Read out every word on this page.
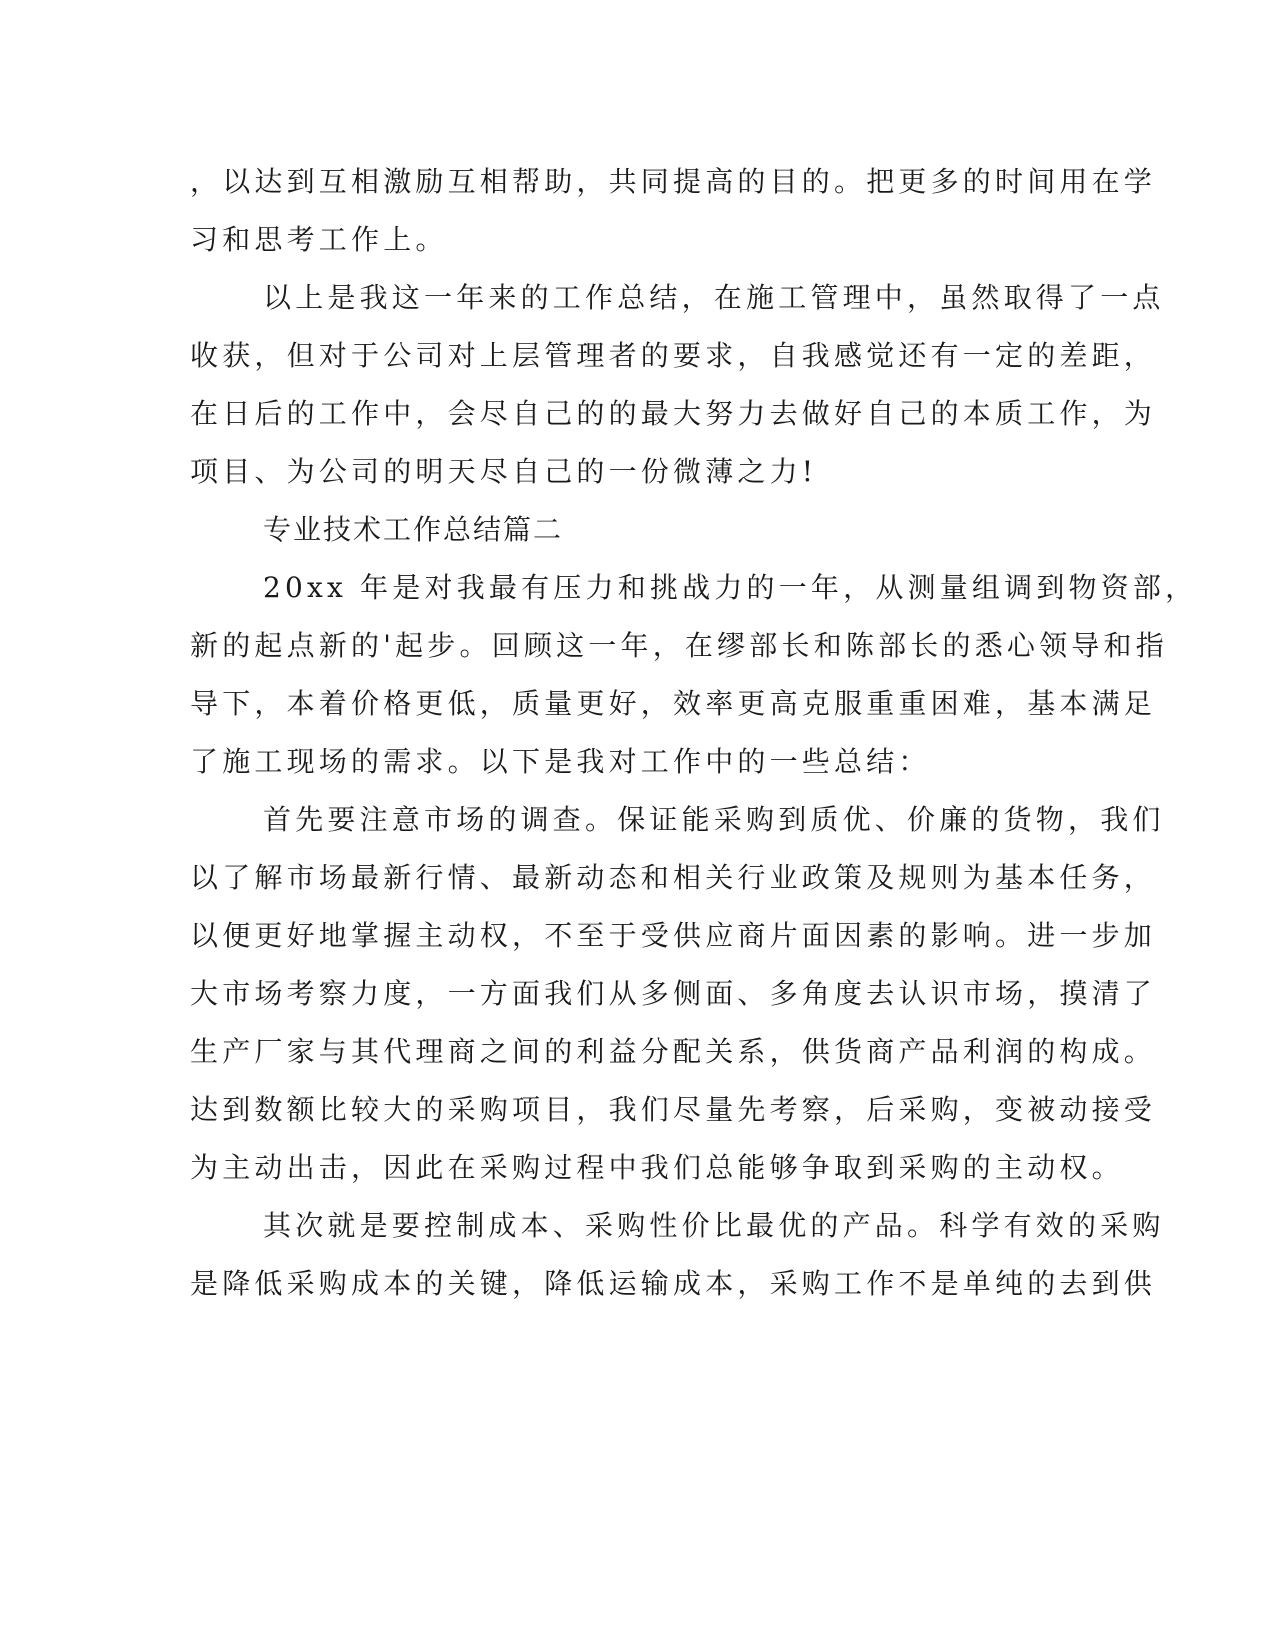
，以达到互相激励互相帮助，共同提高的目的。把更多的时间用在学
习和思考工作上。
以上是我这一年来的工作总结，在施工管理中，虽然取得了一点
收获，但对于公司对上层管理者的要求，自我感觉还有一定的差距，
在日后的工作中，会尽自己的的最大努力去做好自己的本质工作，为
项目、为公司的明天尽自己的一份微薄之力!
专业技术工作总结篇二
20xx 年是对我最有压力和挑战力的一年，从测量组调到物资部，
新的起点新的'起步。回顾这一年，在缪部长和陈部长的悉心领导和指
导下，本着价格更低，质量更好，效率更高克服重重困难，基本满足
了施工现场的需求。以下是我对工作中的一些总结：
首先要注意市场的调查。保证能采购到质优、价廉的货物，我们
以了解市场最新行情、最新动态和相关行业政策及规则为基本任务，
以便更好地掌握主动权，不至于受供应商片面因素的影响。进一步加
大市场考察力度，一方面我们从多侧面、多角度去认识市场，摸清了
生产厂家与其代理商之间的利益分配关系，供货商产品利润的构成。
达到数额比较大的采购项目，我们尽量先考察，后采购，变被动接受
为主动出击，因此在采购过程中我们总能够争取到采购的主动权。
其次就是要控制成本、采购性价比最优的产品。科学有效的采购
是降低采购成本的关键，降低运输成本，采购工作不是单纯的去到供
